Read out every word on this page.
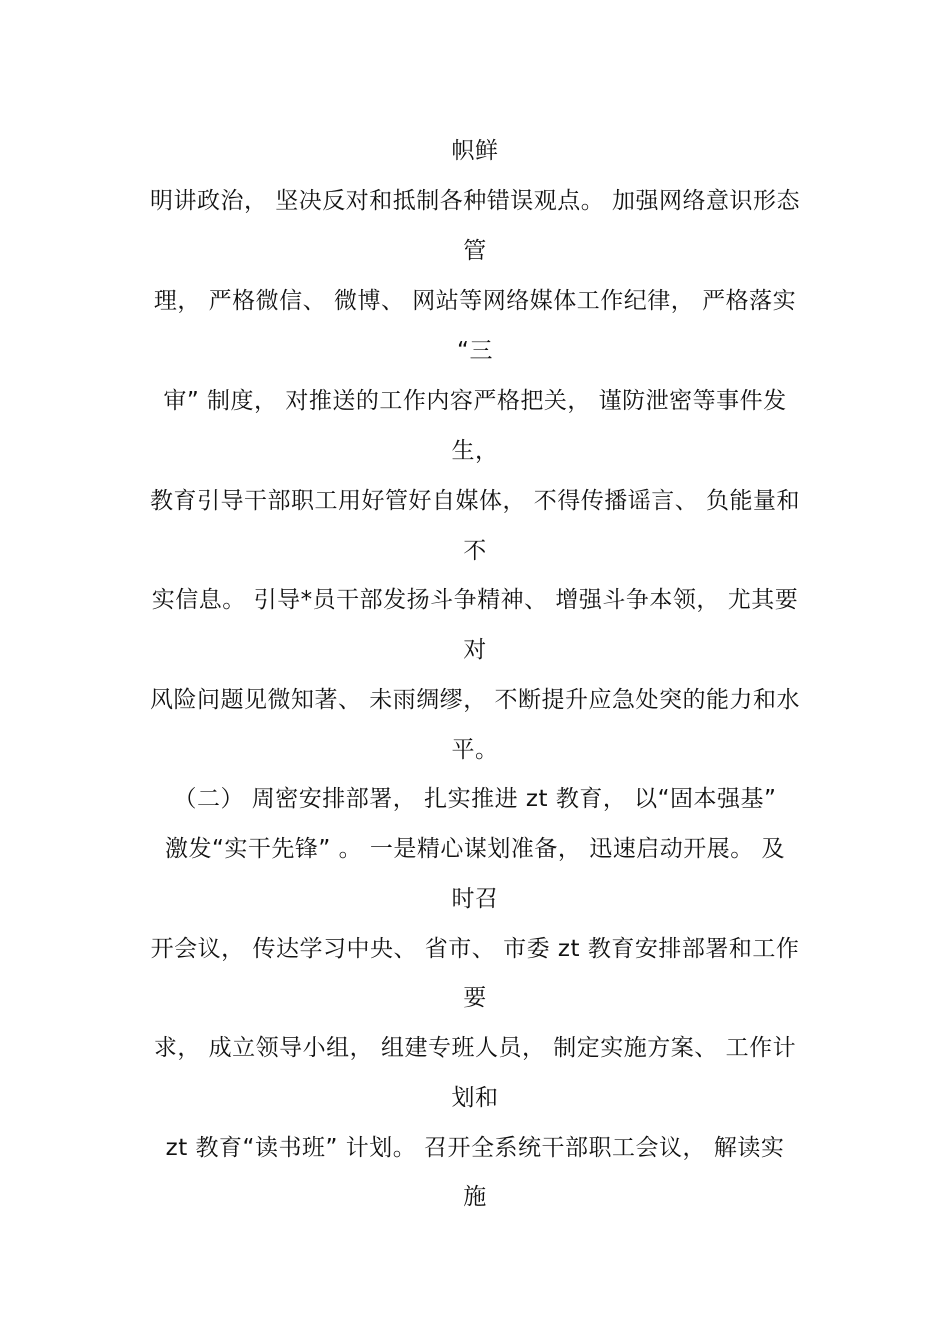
帜鲜
明讲政治， 坚决反对和抵制各种错误观点。 加强网络意识形态
管
理， 严格微信、 微博、 网站等网络媒体工作纪律， 严格落实
“三
审” 制度， 对推送的工作内容严格把关， 谨防泄密等事件发
生，
教育引导干部职工用好管好自媒体， 不得传播谣言、 负能量和
不
实信息。 引导*员干部发扬斗争精神、 增强斗争本领， 尤其要
对
风险问题见微知著、 未雨绸缪， 不断提升应急处突的能力和水
平。
（二） 周密安排部署， 扎实推进 zt 教育， 以“固本强基”
激发“实干先锋” 。 一是精心谋划准备， 迅速启动开展。 及
时召
开会议， 传达学习中央、 省市、 市委 zt 教育安排部署和工作
要
求， 成立领导小组， 组建专班人员， 制定实施方案、 工作计
划和
zt 教育“读书班” 计划。 召开全系统干部职工会议， 解读实
施
